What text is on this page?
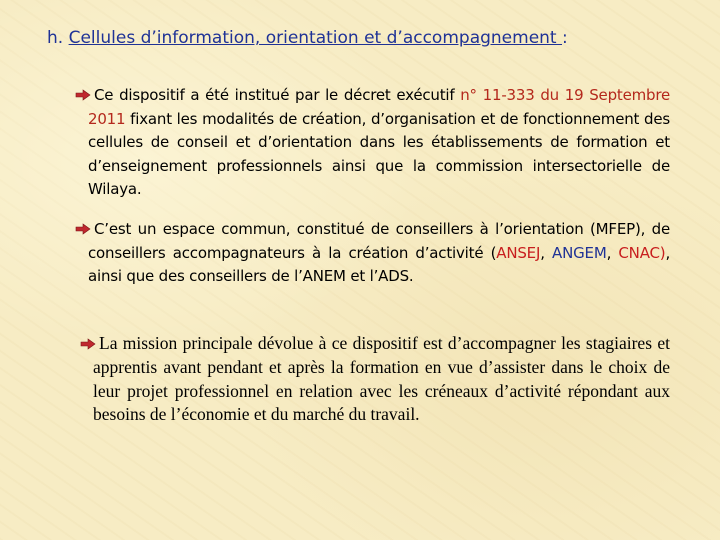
h. Cellules d’information, orientation et d’accompagnement :

Ce dispositif a été institué par le décret exécutif n° 11-333 du 19 Septembre 2011 fixant les modalités de création, d’organisation et de fonctionnement des cellules de conseil et d’orientation dans les établissements de formation et d’enseignement professionnels ainsi que la commission intersectorielle de Wilaya.

C’est un espace commun, constitué de conseillers à l’orientation (MFEP), de conseillers accompagnateurs à la création d’activité (ANSEJ, ANGEM, CNAC), ainsi que des conseillers de l’ANEM et l’ADS.

La mission principale dévolue à ce dispositif est d’accompagner les stagiaires et apprentis avant pendant et après la formation en vue d’assister dans le choix de leur projet professionnel en relation avec les créneaux d’activité répondant aux besoins de l’économie et du marché du travail.
